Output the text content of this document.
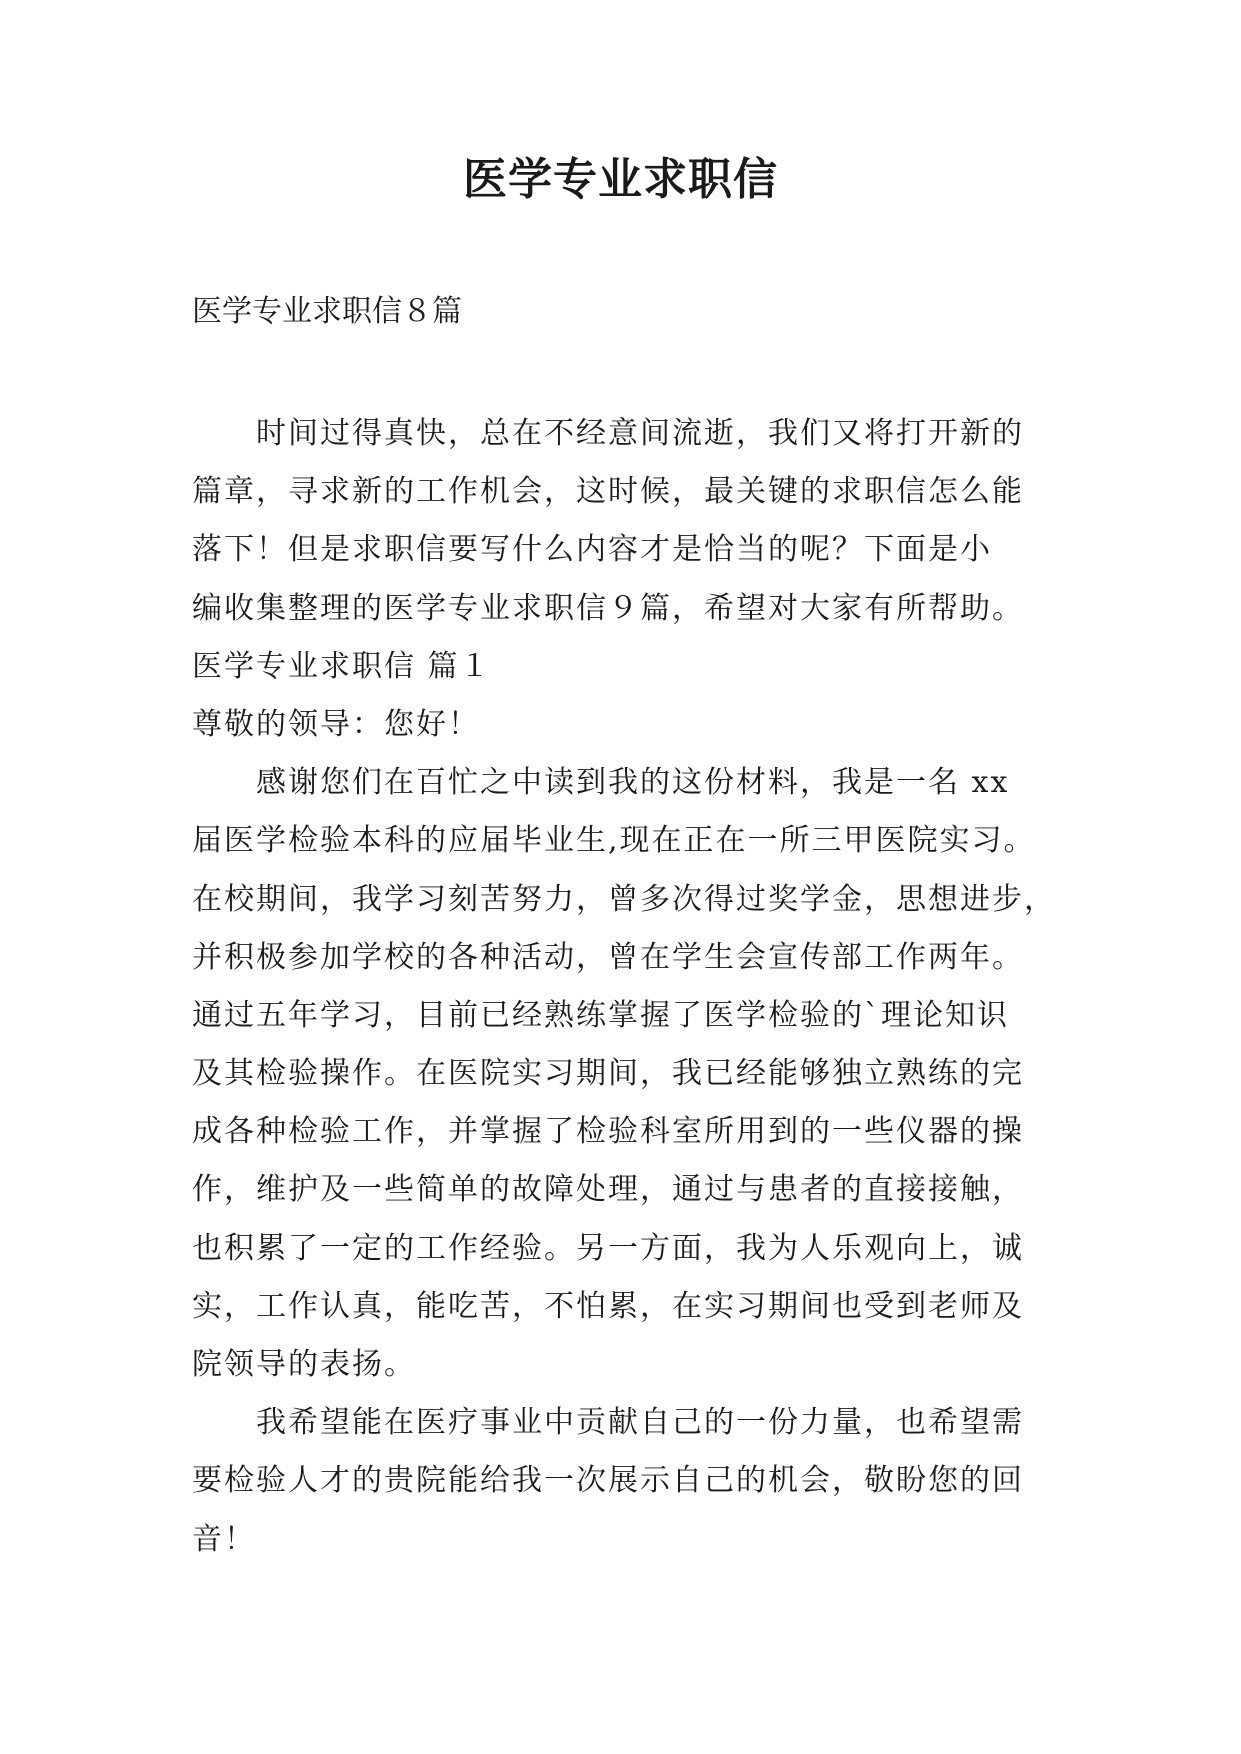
医学专业求职信
医学专业求职信８篇
时间过得真快，总在不经意间流逝，我们又将打开新的
篇章，寻求新的工作机会，这时候，最关键的求职信怎么能
落下！但是求职信要写什么内容才是恰当的呢？下面是小
编收集整理的医学专业求职信９篇，希望对大家有所帮助。
医学专业求职信 篇１
尊敬的领导：您好！
感谢您们在百忙之中读到我的这份材料，我是一名 xx
届医学检验本科的应届毕业生,现在正在一所三甲医院实习。
在校期间，我学习刻苦努力，曾多次得过奖学金，思想进步，
并积极参加学校的各种活动，曾在学生会宣传部工作两年。
通过五年学习，目前已经熟练掌握了医学检验的`理论知识
及其检验操作。在医院实习期间，我已经能够独立熟练的完
成各种检验工作，并掌握了检验科室所用到的一些仪器的操
作，维护及一些简单的故障处理，通过与患者的直接接触，
也积累了一定的工作经验。另一方面，我为人乐观向上，诚
实，工作认真，能吃苦，不怕累，在实习期间也受到老师及
院领导的表扬。
我希望能在医疗事业中贡献自己的一份力量，也希望需
要检验人才的贵院能给我一次展示自己的机会，敬盼您的回
音！
